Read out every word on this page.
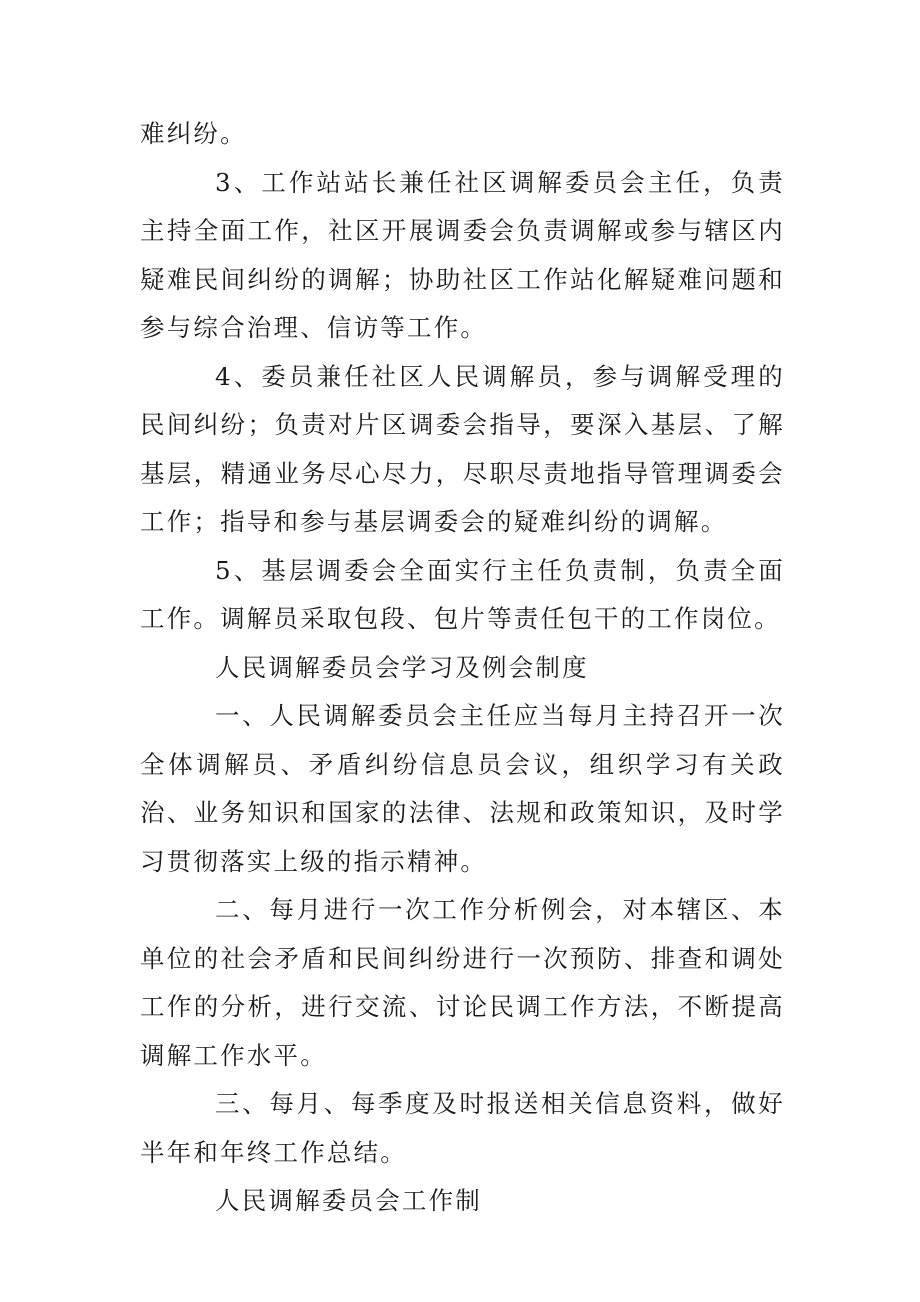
难纠纷。

3、工作站站长兼任社区调解委员会主任，负责主持全面工作，社区开展调委会负责调解或参与辖区内疑难民间纠纷的调解；协助社区工作站化解疑难问题和参与综合治理、信访等工作。

4、委员兼任社区人民调解员，参与调解受理的民间纠纷；负责对片区调委会指导，要深入基层、了解基层，精通业务尽心尽力，尽职尽责地指导管理调委会工作；指导和参与基层调委会的疑难纠纷的调解。

5、基层调委会全面实行主任负责制，负责全面工作。调解员采取包段、包片等责任包干的工作岗位。

人民调解委员会学习及例会制度

一、人民调解委员会主任应当每月主持召开一次全体调解员、矛盾纠纷信息员会议，组织学习有关政治、业务知识和国家的法律、法规和政策知识，及时学习贯彻落实上级的指示精神。

二、每月进行一次工作分析例会，对本辖区、本单位的社会矛盾和民间纠纷进行一次预防、排查和调处工作的分析，进行交流、讨论民调工作方法，不断提高调解工作水平。

三、每月、每季度及时报送相关信息资料，做好半年和年终工作总结。

人民调解委员会工作制
